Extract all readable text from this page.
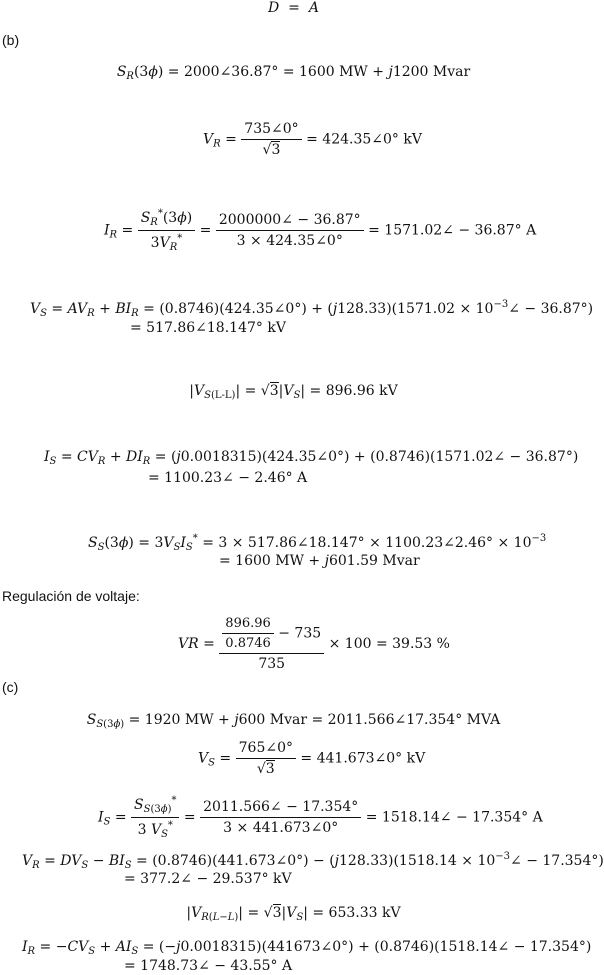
D  =  A
(b)
$S_R(3\phi)$ = 2000∠36.87° = 1600 MW + j1200 Mvar
$V_R = \frac{735\angle 0^\circ}{√3}$ = 424.35∠0° kV
$I_R = \frac{S_R^*(3\phi)}{3V_R^*} = \frac{2000000\angle - 36.87^\circ}{3 \times 424.35\angle 0^\circ}$ = 1571.02∠ − 36.87° A
$V_S = AV_R + BI_R$ = (0.8746)(424.35∠0°) + $(j128.33)(1571.02 \times 10^{-3}\angle - 36.87^\circ)$
= 517.86∠18.147° kV
$|V_{S(L-L)}| = √3|V_S| = 896.96$ kV
$I_S = CV_R + DI_R$ = (j0.0018315)(424.35∠0°) + (0.8746)(1571.02∠ − 36.87°)
= 1100.23∠ − 2.46° A
$S_S(3\phi) = 3V_SI_S^* = 3$ × 517.86∠18.147° × 1100.23∠2.46° × $10^{-3}$
= 1600 MW + j601.59 Mvar
Regulación de voltaje:
VR = $\frac{\frac{896.96}{0.8746} - 735}{735} \times 100 = 39.53$ %
(c)
$S_{S(3\phi)} = 1920$ MW + j600 Mvar = 2011.566∠17.354° MVA
$V_S = \frac{765\angle 0^\circ}{√3}$ = 441.673∠0° kV
$I_S = \frac{S_{S(3\phi)}^*}{3 V_S^*} = \frac{2011.566\angle - 17.354^\circ}{3 \times 441.673\angle 0^\circ}$ = 1518.14∠ − 17.354° A
$V_R = DV_S - BI_S$ = (0.8746)(441.673∠0°) − $(j128.33)(1518.14 \times 10^{-3}\angle - 17.354^\circ)$
= 377.2∠ − 29.537° kV
$|V_{R(L-L)}| = √3|V_S| = 653.33$ kV
$I_R = -CV_S + AI_S$ = (−j0.0018315)(441673∠0°) + (0.8746)(1518.14∠ − 17.354°)
= 1748.73∠ − 43.55° A
